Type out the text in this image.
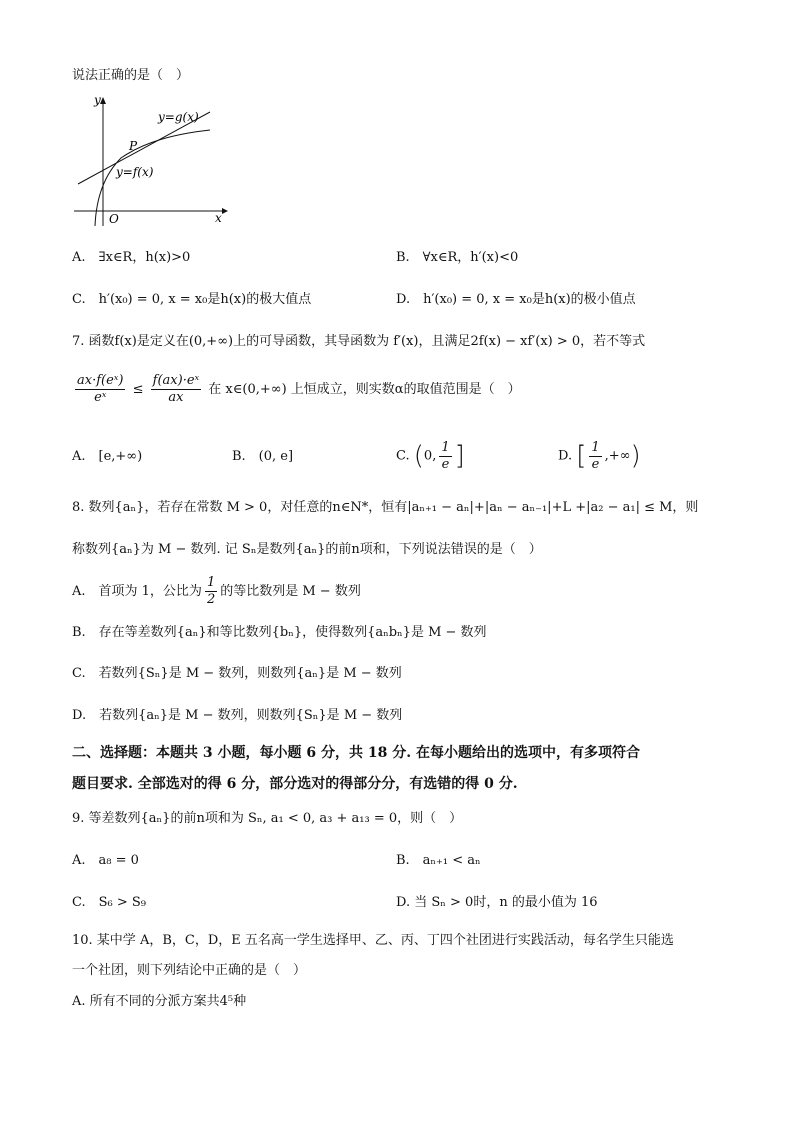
说法正确的是（　）
y
x
O
P
y=g(x)
y=f(x)
A.　∃x∈R，h(x)>0	B.　∀x∈R，h′(x)<0
C.　h′(x₀) = 0, x = x₀是h(x)的极大值点	D.　h′(x₀) = 0, x = x₀是h(x)的极小值点
7. 函数f(x)是定义在(0,+∞)上的可导函数，其导函数为 f′(x)，且满足2f(x) − xf′(x) > 0，若不等式
$\frac{\text{ax·f(eˣ)}}{\text{eˣ}} \le \frac{\text{f(ax)·eˣ}}{ax}$ 在 x∈(0,+∞) 上恒成立，则实数α的取值范围是（　）
A.　[e,+∞)	B.　(0, e]	C. (0, $\frac{1}{e}$ ]	D. [ $\frac{1}{e}$ ,+∞)
8. 数列{aₙ}，若存在常数 M > 0，对任意的n∈N*，恒有|aₙ₊₁ − aₙ|+|aₙ − aₙ₋₁|+L +|a₂ − a₁| ≤ M，则
称数列{aₙ}为 M − 数列. 记 Sₙ是数列{aₙ}的前n项和，下列说法错误的是（　）
A.　首项为 1，公比为 $\frac{1}{2}$ 的等比数列是 M − 数列
B.　存在等差数列{aₙ}和等比数列{bₙ}，使得数列{aₙbₙ}是 M − 数列
C.　若数列{Sₙ}是 M − 数列，则数列{aₙ}是 M − 数列
D.　若数列{aₙ}是 M − 数列，则数列{Sₙ}是 M − 数列
二、选择题：本题共 3 小题，每小题 6 分，共 18 分. 在每小题给出的选项中，有多项符合
题目要求. 全部选对的得 6 分，部分选对的得部分分，有选错的得 0 分.
9. 等差数列{aₙ}的前n项和为 Sₙ, a₁ < 0, a₃ + a₁₃ = 0，则（　）
A.　a₈ = 0	B.　aₙ₊₁ < aₙ
C.　S₆ > S₉	D. 当 Sₙ > 0时，n 的最小值为 16
10. 某中学 A，B，C，D，E 五名高一学生选择甲、乙、丙、丁四个社团进行实践活动，每名学生只能选
一个社团，则下列结论中正确的是（　）
A. 所有不同的分派方案共4⁵种
